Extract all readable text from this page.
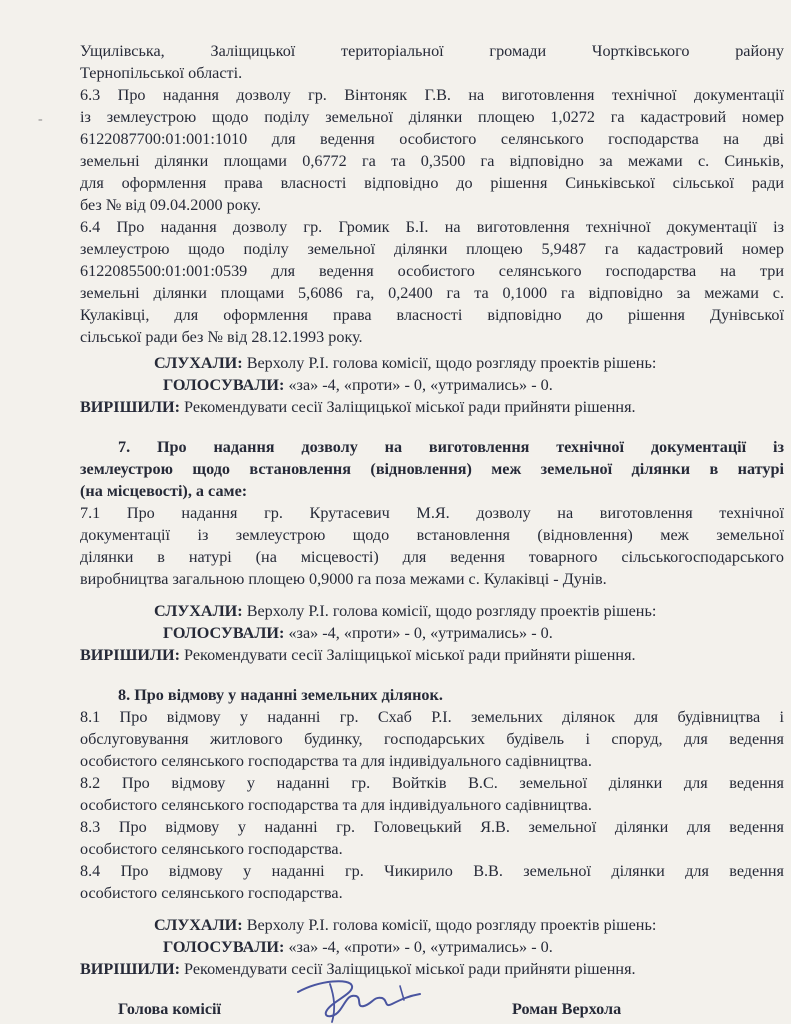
Ущилівська, Заліщицької територіальної громади Чортківського району

Тернопільської області.

-

6.3 Про надання дозволу гр. Вінтоняк Г.В. на виготовлення технічної документації

із землеустрою щодо поділу земельної ділянки площею 1,0272 га кадастровий номер

6122087700:01:001:1010 для ведення особистого селянського господарства на дві

земельні ділянки площами 0,6772 га та 0,3500 га відповідно за межами с. Синьків,

для оформлення права власності відповідно до рішення Синьківської сільської ради

без № від 09.04.2000 року.

6.4 Про надання дозволу гр. Громик Б.І. на виготовлення технічної документації із

землеустрою щодо поділу земельної ділянки площею 5,9487 га кадастровий номер

6122085500:01:001:0539 для ведення особистого селянського господарства на три

земельні ділянки площами 5,6086 га, 0,2400 га та 0,1000 га відповідно за межами с.

Кулаківці, для оформлення права власності відповідно до рішення Дунівської

сільської ради без № від 28.12.1993 року.

СЛУХАЛИ: Верхолу Р.І. голова комісії, щодо розгляду проектів рішень:

ГОЛОСУВАЛИ: «за» -4, «проти» - 0, «утримались» - 0.

ВИРІШИЛИ: Рекомендувати сесії Заліщицької міської ради прийняти рішення.

7. Про надання дозволу на виготовлення технічної документації із

землеустрою щодо встановлення (відновлення) меж земельної ділянки в натурі

(на місцевості), а саме:

7.1 Про надання гр. Крутасевич М.Я. дозволу на виготовлення технічної

документації із землеустрою щодо встановлення (відновлення) меж земельної

ділянки в натурі (на місцевості) для ведення товарного сільськогосподарського

виробництва загальною площею 0,9000 га поза межами с. Кулаківці - Дунів.

СЛУХАЛИ: Верхолу Р.І. голова комісії, щодо розгляду проектів рішень:

ГОЛОСУВАЛИ: «за» -4, «проти» - 0, «утримались» - 0.

ВИРІШИЛИ: Рекомендувати сесії Заліщицької міської ради прийняти рішення.

8. Про відмову у наданні земельних ділянок.

8.1 Про відмову у наданні гр. Схаб Р.І. земельних ділянок для будівництва і

обслуговування житлового будинку, господарських будівель і споруд, для ведення

особистого селянського господарства та для індивідуального садівництва.

8.2 Про відмову у наданні гр. Войтків В.С. земельної ділянки для ведення

особистого селянського господарства та для індивідуального садівництва.

8.3 Про відмову у наданні гр. Головецький Я.В. земельної ділянки для ведення

особистого селянського господарства.

8.4 Про відмову у наданні гр. Чикирило В.В. земельної ділянки для ведення

особистого селянського господарства.

СЛУХАЛИ: Верхолу Р.І. голова комісії, щодо розгляду проектів рішень:

ГОЛОСУВАЛИ: «за» -4, «проти» - 0, «утримались» - 0.

ВИРІШИЛИ: Рекомендувати сесії Заліщицької міської ради прийняти рішення.

Голова комісії	Роман Верхола
